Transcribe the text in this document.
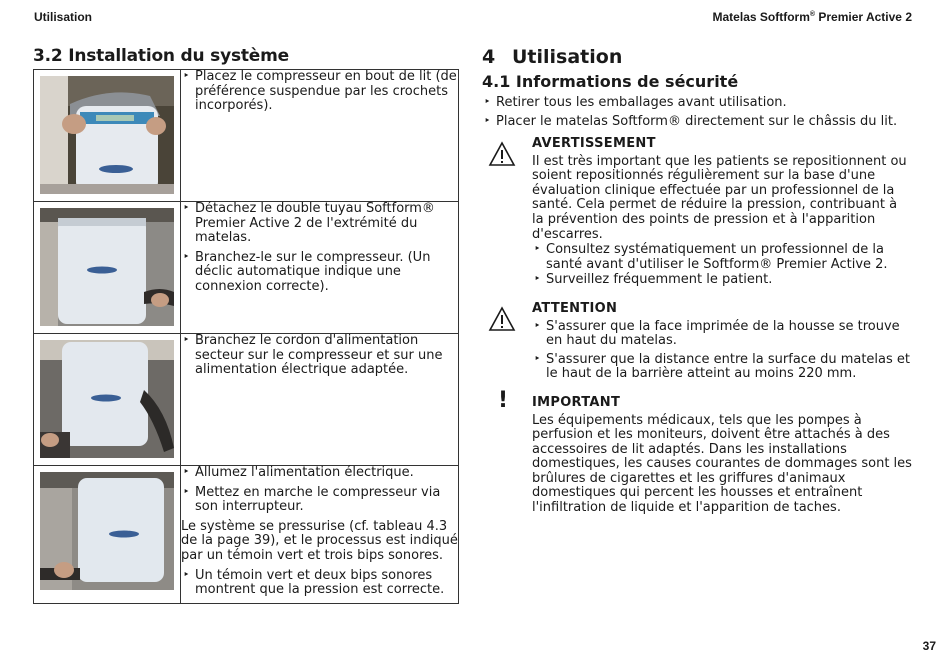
Utilisation	Matelas Softform® Premier Active 2
3.2 Installation du système

‣ Placez le compresseur en bout de lit (de préférence suspendue par les crochets incorporés).

‣ Détachez le double tuyau Softform® Premier Active 2 de l'extrémité du matelas.
‣ Branchez-le sur le compresseur. (Un déclic automatique indique une connexion correcte).

‣ Branchez le cordon d'alimentation secteur sur le compresseur et sur une alimentation électrique adaptée.

‣ Allumez l'alimentation électrique.
‣ Mettez en marche le compresseur via son interrupteur.
Le système se pressurise (cf. tableau 4.3 de la page 39), et le processus est indiqué par un témoin vert et trois bips sonores.
‣ Un témoin vert et deux bips sonores montrent que la pression est correcte.
4 Utilisation
4.1 Informations de sécurité
‣ Retirer tous les emballages avant utilisation.
‣ Placer le matelas Softform® directement sur le châssis du lit.
AVERTISSEMENT
Il est très important que les patients se repositionnent ou soient repositionnés régulièrement sur la base d'une évaluation clinique effectuée par un professionnel de la santé. Cela permet de réduire la pression, contribuant à la prévention des points de pression et à l'apparition d'escarres.
‣ Consultez systématiquement un professionnel de la santé avant d'utiliser le Softform® Premier Active 2.
‣ Surveillez fréquemment le patient.
ATTENTION
‣ S'assurer que la face imprimée de la housse se trouve en haut du matelas.
‣ S'assurer que la distance entre la surface du matelas et le haut de la barrière atteint au moins 220 mm.
! IMPORTANT
Les équipements médicaux, tels que les pompes à perfusion et les moniteurs, doivent être attachés à des accessoires de lit adaptés. Dans les installations domestiques, les causes courantes de dommages sont les brûlures de cigarettes et les griffures d'animaux domestiques qui percent les housses et entraînent l'infiltration de liquide et l'apparition de taches.
37
